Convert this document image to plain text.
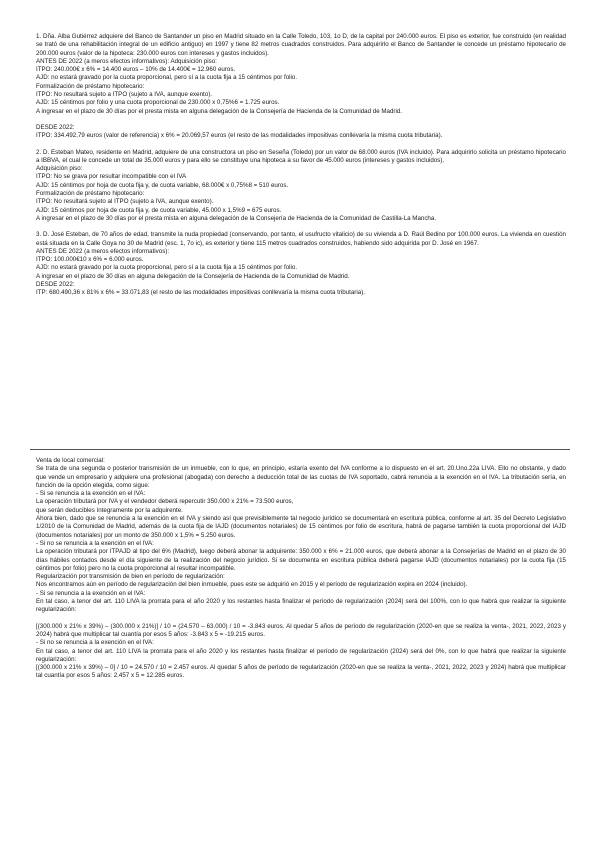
1. Dña. Alba Gutiérrez adquiere del Banco de Santander un piso en Madrid situado en la Calle Toledo, 103, 1o D, de la capital por 240.000 euros. El piso es exterior, fue construido (en realidad se trató de una rehabilitación integral de un edificio antiguo) en 1997 y tiene 82 metros cuadrados construidos. Para adquirirlo el Banco de Santander le concede un préstamo hipotecario de 200.000 euros (valor de la hipoteca: 230.000 euros con intereses y gastos incluidos).

ANTES DE 2022 (a meros efectos informativos): Adquisición piso:

ITPO: 240.000€ x 6% = 14.400 euros – 10% de 14.400€ = 12.960 euros.

AJD: no estará gravado por la cuota proporcional, pero sí a la cuota fija a 15 céntimos por folio.

Formalización de préstamo hipotecario:

ITPO: No resultará sujeto a ITPO (sujeto a IVA, aunque exento).

AJD: 15 céntimos por folio y una cuota proporcional de 230.000 x 0,75%6 = 1.725 euros.

A ingresar en el plazo de 30 días por el presta mista en alguna delegación de la Consejería de Hacienda de la Comunidad de Madrid.

DESDE 2022:

ITPO: 334.492,79 euros (valor de referencia) x 6% = 20.069,57 euros (el resto de las modalidades impositivas conllevaría la misma cuota tributaria).

2. D. Esteban Mateo, residente en Madrid, adquiere de una constructora un piso en Seseña (Toledo) por un valor de 68.000 euros (IVA incluido). Para adquirirlo solicita un préstamo hipotecario a IBBVA, el cual le concede un total de 35.000 euros y para ello se constituye una hipoteca a su favor de 45.000 euros (intereses y gastos incluidos).

Adquisición piso:

ITPO: No se grava por resultar incompatible con el IVA

AJD: 15 céntimos por hoja de cuota fija y, de cuota variable, 68.000€ x 0,75%8 = 510 euros.

Formalización de préstamo hipotecario:

ITPO: No resultará sujeto al ITPO (sujeto a IVA, aunque exento).

AJD: 15 céntimos por hoja de cuota fija y, de cuota variable, 45.000 x 1,5%9 = 675 euros.

A ingresar en el plazo de 30 días por el presta mista en alguna delegación de la Consejería de Hacienda de la Comunidad de Castilla-La Mancha.

3. D. José Esteban, de 70 años de edad, transmite la nuda propiedad (conservando, por tanto, el usufructo vitalicio) de su vivienda a D. Raúl Bedino por 100.000 euros. La vivienda en cuestión está situada en la Calle Goya no 30 de Madrid (esc. 1, 7o ic), es exterior y tiene 115 metros cuadrados construidos, habiendo sido adquirida por D. José en 1967.

ANTES DE 2022 (a meros efectos informativos):

ITPO: 100.000€10 x 6% = 6.000 euros.

AJD: no estará gravado por la cuota proporcional, pero sí a la cuota fija a 15 céntimos por folio.

A ingresar en el plazo de 30 días en alguna delegación de la Consejería de Hacienda de la Comunidad de Madrid.

DESDE 2022:

ITP: 680.490,36 x 81% x 6% = 33.071,83 (el resto de las modalidades impositivas conllevaría la misma cuota tributaria).

Venta de local comercial:

Se trata de una segunda o posterior transmisión de un inmueble, con lo que, en principio, estaría exento del IVA conforme a lo dispuesto en el art. 20.Uno.22a LIVA. Ello no obstante, y dado que vende un empresario y adquiere una profesional (abogada) con derecho a deducción total de las cuotas de IVA soportado, cabrá renuncia a la exención en el IVA. La tributación sería, en función de la opción elegida, como sigue:

- Si se renuncia a la exención en el IVA:

La operación tributará por IVA y el vendedor deberá repercutir 350.000 x 21% = 73.500 euros,

que serán deducibles íntegramente por la adquirente.

Ahora bien, dado que se renuncia a la exención en el IVA y siendo así que previsiblemente tal negocio jurídico se documentará en escritura pública, conforme al art. 35 del Decreto Legislativo 1/2010 de la Comunidad de Madrid, además de la cuota fija de IAJD (documentos notariales) de 15 céntimos por folio de escritura, habrá de pagarse también la cuota proporcional del IAJD (documentos notariales) por un monto de 350.000 x 1,5% = 5.250 euros.

- Si no se renuncia a la exención en el IVA:

La operación tributará por ITPAJD al tipo del 6% (Madrid), luego deberá abonar la adquirente: 350.000 x 6% = 21.000 euros, que deberá abonar a la Consejerías de Madrid en el plazo de 30 días hábiles contados desde el día siguiente de la realización del negocio jurídico. Si se documenta en escritura pública deberá pagarse IAJD (documentos notariales) por la cuota fija (15 céntimos por folio) pero no la cuota proporcional al resultar incompatible.

Regularización por transmisión de bien en período de regularización:

Nos encontramos aún en período de regularización del bien inmueble, pues este se adquirió en 2015 y el período de regularización expira en 2024 (incluido).

- Si se renuncia a la exención en el IVA:

En tal caso, a tenor del art. 110 LIVA la prorrata para el año 2020 y los restantes hasta finalizar el período de regularización (2024) será del 100%, con lo que habrá que realizar la siguiente regularización:

[(300.000 x 21% x 39%) – (300.000 x 21%)] / 10 = (24.570 – 63.000) / 10 = -3.843 euros. Al quedar 5 años de período de regularización (2020-en que se realiza la venta-, 2021, 2022, 2023 y 2024) habrá que multiplicar tal cuantía por esos 5 años: -3.843 x 5 = -19.215 euros.

- Si no se renuncia a la exención en el IVA:

En tal caso, a tenor del art. 110 LIVA la prorrata para el año 2020 y los restantes hasta finalizar el período de regularización (2024) será del 0%, con lo que habrá que realizar la siguiente regularización:

[(300.000 x 21% x 39%) – 0] / 10 = 24.570 / 10 = 2.457 euros. Al quedar 5 años de período de regularización (2020-en que se realiza la venta-, 2021, 2022, 2023 y 2024) habrá que multiplicar tal cuantía por esos 5 años: 2.457 x 5 = 12.285 euros.
